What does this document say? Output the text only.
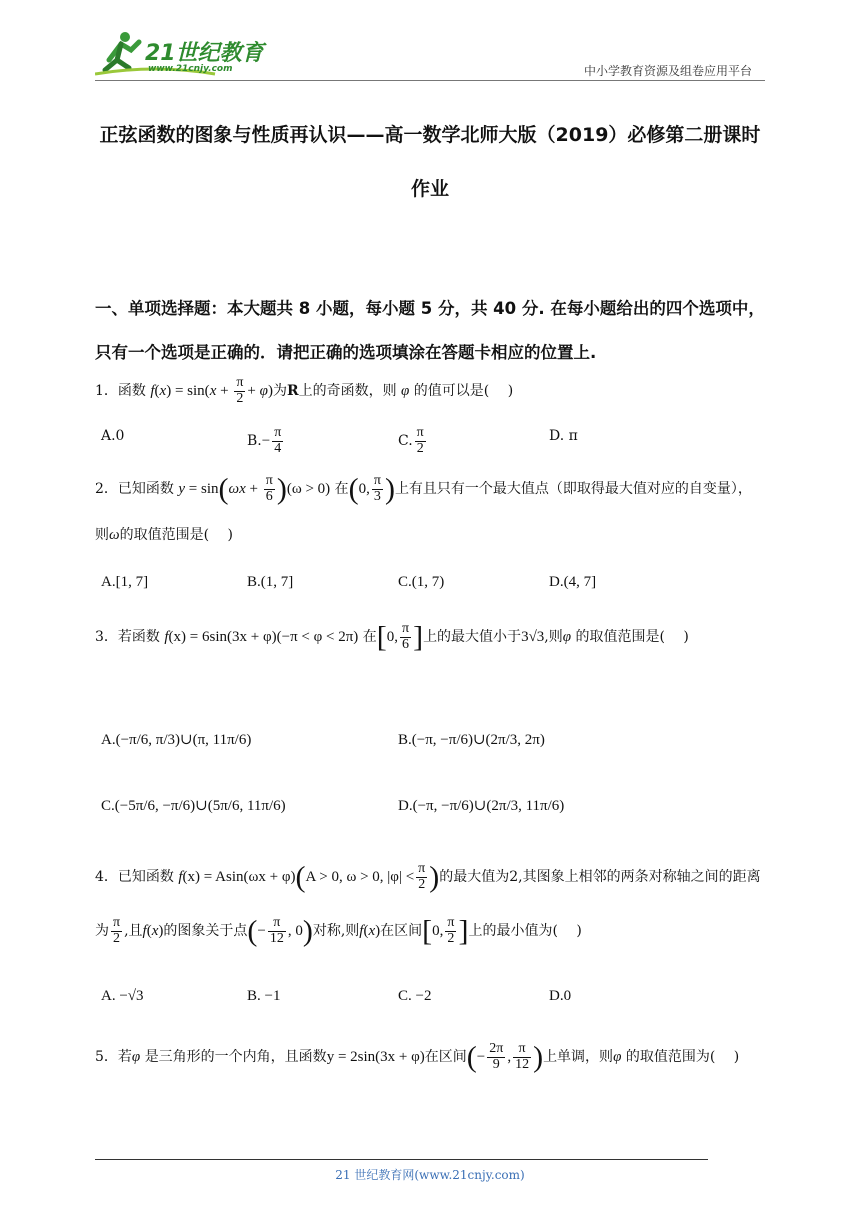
21世纪教育
www.21cnjy.com	中小学教育资源及组卷应用平台
正弦函数的图象与性质再认识——高一数学北师大版（2019）必修第二册课时作业
一、单项选择题：本大题共 8 小题，每小题 5 分，共 40 分. 在每小题给出的四个选项中，只有一个选项是正确的．请把正确的选项填涂在答题卡相应的位置上.
1．函数 $f(x) = \sin(x + \frac{\pi}{2} + \varphi)$为R上的奇函数，则 φ 的值可以是(　 )
A.0	$B.- \frac{\pi}{4}$	C. $\frac{\pi}{2}$	D. π
2．已知函数 $y = \sin(\omega x + \frac{\pi}{6} )(\omega > 0)$ 在(0, $\frac{\pi}{3}$ )上有且只有一个最大值点（即取得最大值对应的自变量），则ω的取值范围是(　 )
A.[1, 7]	B.(1, 7]	C.(1, 7)	D.(4, 7]
3．若函数 f(x) = 6sin(3x + φ)(−π < φ < 2π) 在[0, $\frac{\pi}{6}$ ]上的最大值小于3√3,则φ 的取值范围是(　 )
A.(−π/6, π/3)∪(π, 11π/6)	B.(−π, −π/6)∪(2π/3, 2π)
C.(−5π/6, −π/6)∪(5π/6, 11π/6)	D.(−π, −π/6)∪(2π/3, 11π/6)
4．已知函数 f(x) = Asin(ωx + φ)(A > 0, ω > 0, $|\varphi| < \frac{\pi}{2}$ )的最大值为2,其图象上相邻的两条对称轴之间的距离为 $\frac{\pi}{2}$ ,且f(x)的图象关于点(− $\frac{\pi}{12}$ , 0)对称,则f(x)在区间[0, $\frac{\pi}{2}$ ]上的最小值为(　 )
A. −√3	B. −1	C. −2	D.0
5．若φ 是三角形的一个内角，且函数y = 2sin(3x + φ)在区间(− $\frac{2\pi}{9}$ , $\frac{\pi}{12}$ )上单调，则φ 的取值范围为(　 )
21 世纪教育网(www.21cnjy.com)
